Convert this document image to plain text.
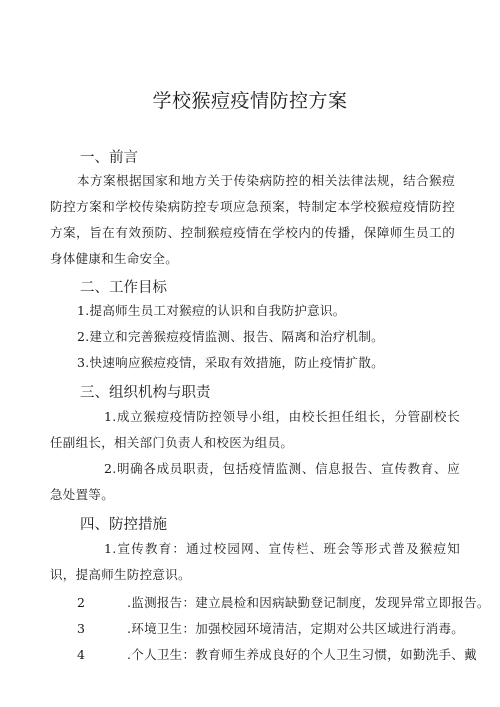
学校猴痘疫情防控方案
一、前言
本方案根据国家和地方关于传染病防控的相关法律法规，结合猴痘防控方案和学校传染病防控专项应急预案，特制定本学校猴痘疫情防控方案，旨在有效预防、控制猴痘疫情在学校内的传播，保障师生员工的身体健康和生命安全。
二、工作目标
1.提高师生员工对猴痘的认识和自我防护意识。
2.建立和完善猴痘疫情监测、报告、隔离和治疗机制。
3.快速响应猴痘疫情，采取有效措施，防止疫情扩散。
三、组织机构与职责
1.成立猴痘疫情防控领导小组，由校长担任组长，分管副校长任副组长，相关部门负责人和校医为组员。
2.明确各成员职责，包括疫情监测、信息报告、宣传教育、应急处置等。
四、防控措施
1.宣传教育：通过校园网、宣传栏、班会等形式普及猴痘知识，提高师生防控意识。
2	.监测报告：建立晨检和因病缺勤登记制度，发现异常立即报告。
3	.环境卫生：加强校园环境清洁，定期对公共区域进行消毒。
4	.个人卫生：教育师生养成良好的个人卫生习惯，如勤洗手、戴
